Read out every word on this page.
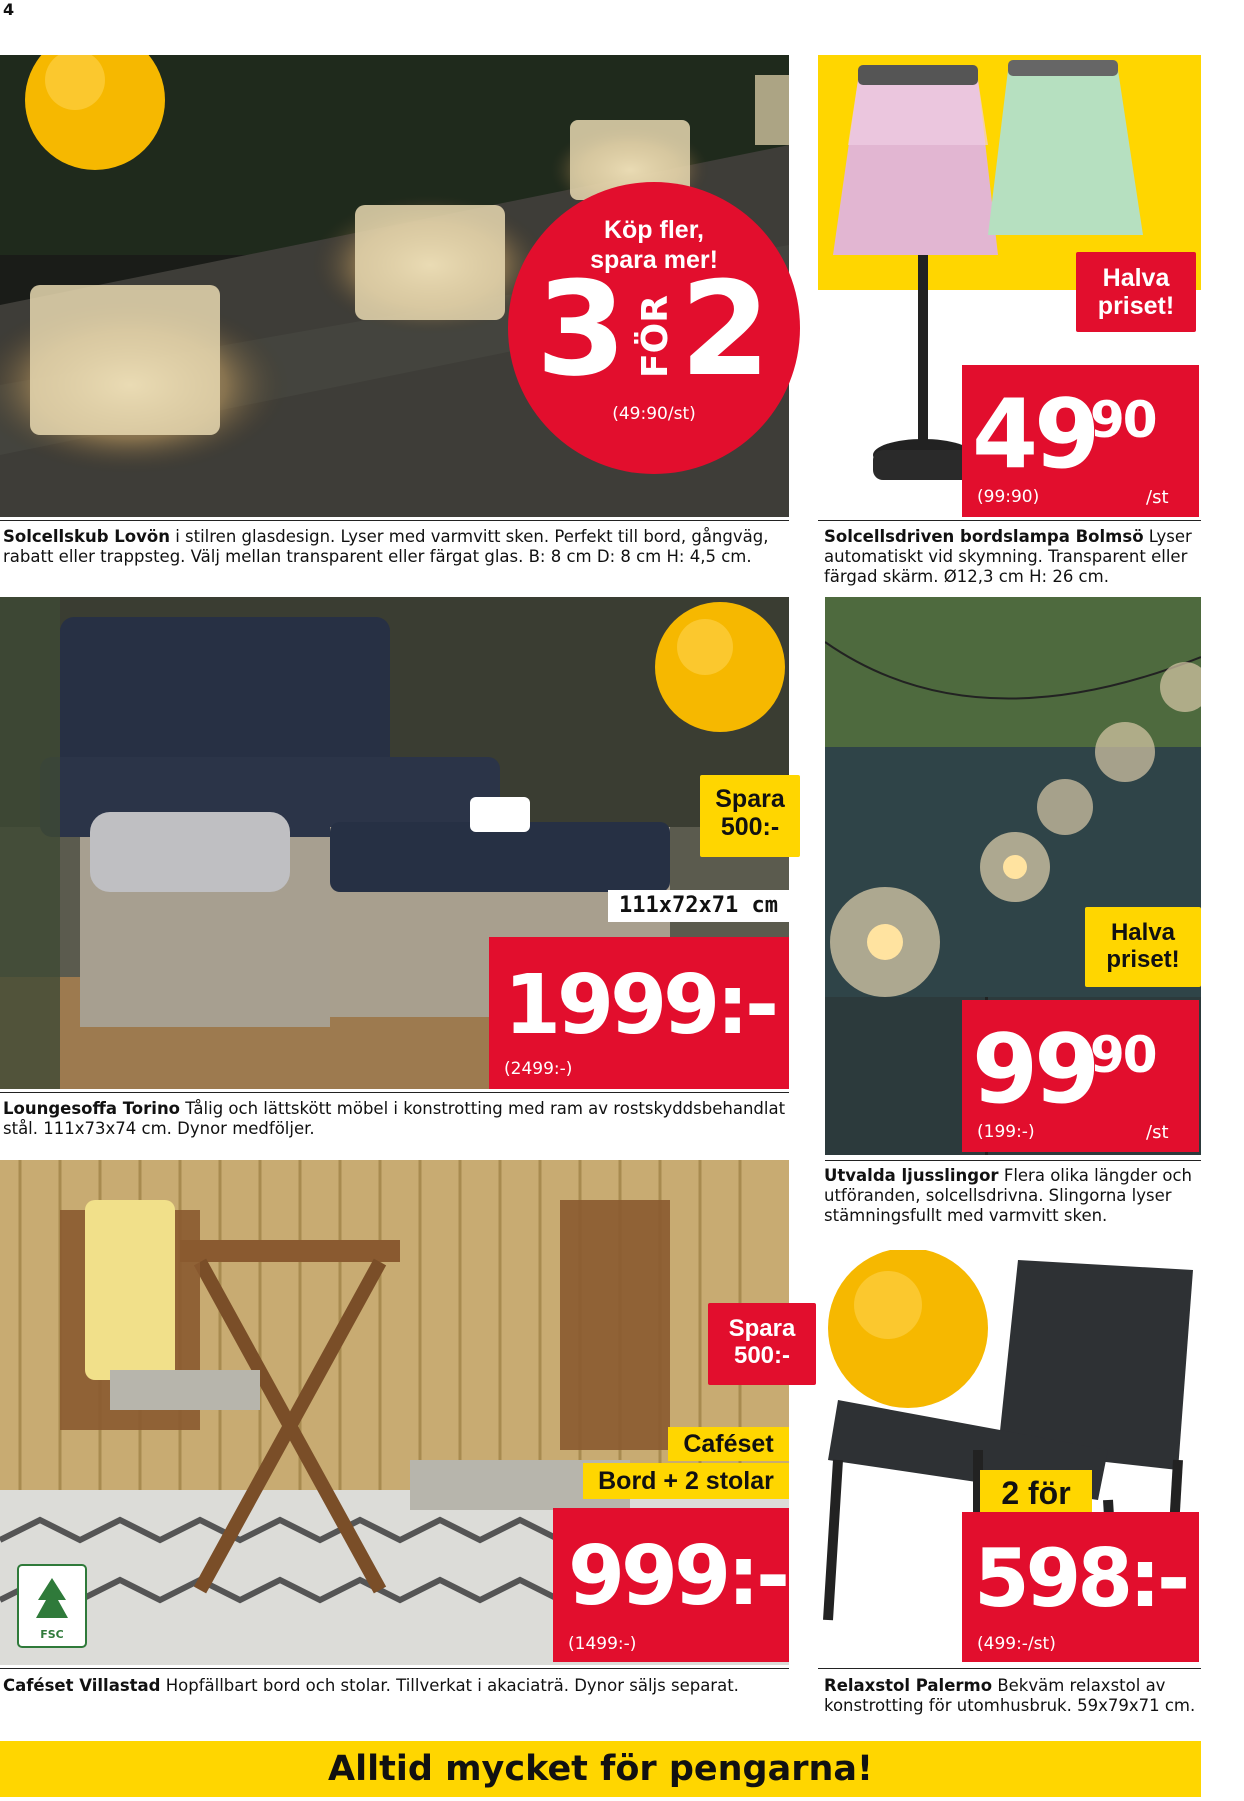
4
Köp fler,
spara mer!
3 FÖR 2
(49:90/st)
Solcellskub Lovön i stilren glasdesign. Lyser med varmvitt sken. Perfekt till bord, gångväg, rabatt eller trappsteg. Välj mellan transparent eller färgat glas. B: 8 cm D: 8 cm H: 4,5 cm.
Halva priset!
49
90
(99:90)	/st
Solcellsdriven bordslampa Bolmsö Lyser automatiskt vid skymning. Transparent eller färgad skärm. Ø12,3 cm H: 26 cm.
Spara 500:-
111x72x71 cm
1999:-
(2499:-)
Loungesoffa Torino Tålig och lättskött möbel i konstrotting med ram av rostskyddsbehandlat stål. 111x73x74 cm. Dynor medföljer.
Halva priset!
99
90
(199:-)	/st
Utvalda ljusslingor Flera olika längder och utföranden, solcellsdrivna. Slingorna lyser stämningsfullt med varmvitt sken.
FSC
Spara 500:-
Caféset
Bord + 2 stolar
999:-
(1499:-)
Caféset Villastad Hopfällbart bord och stolar. Tillverkat i akaciaträ. Dynor säljs separat.
2 för
598:-
(499:-/st)
Relaxstol Palermo Bekväm relaxstol av konstrotting för utomhusbruk. 59x79x71 cm.
Alltid mycket för pengarna!
